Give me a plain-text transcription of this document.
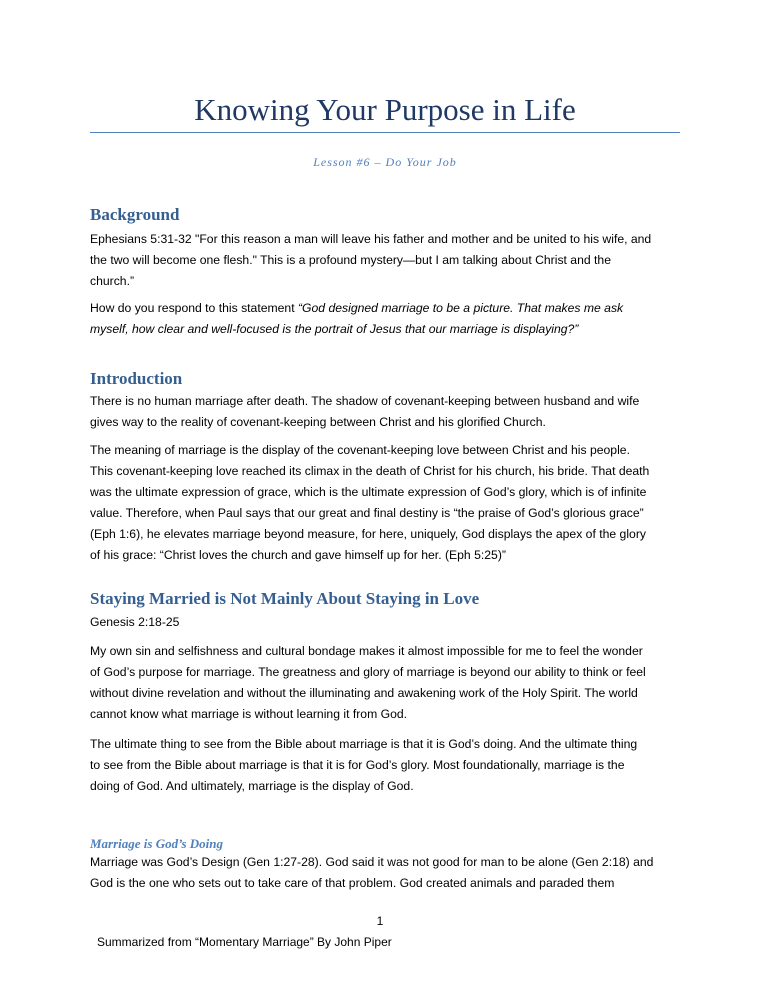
Knowing Your Purpose in Life
Lesson #6 – Do Your Job
Background
Ephesians 5:31-32 "For this reason a man will leave his father and mother and be united to his wife, and
the two will become one flesh." This is a profound mystery—but I am talking about Christ and the
church.”
How do you respond to this statement “God designed marriage to be a picture. That makes me ask
myself, how clear and well-focused is the portrait of Jesus that our marriage is displaying?”
Introduction
There is no human marriage after death. The shadow of covenant-keeping between husband and wife
gives way to the reality of covenant-keeping between Christ and his glorified Church.
The meaning of marriage is the display of the covenant-keeping love between Christ and his people.
This covenant-keeping love reached its climax in the death of Christ for his church, his bride. That death
was the ultimate expression of grace, which is the ultimate expression of God’s glory, which is of infinite
value. Therefore, when Paul says that our great and final destiny is “the praise of God’s glorious grace”
(Eph 1:6), he elevates marriage beyond measure, for here, uniquely, God displays the apex of the glory
of his grace: “Christ loves the church and gave himself up for her. (Eph 5:25)”
Staying Married is Not Mainly About Staying in Love
Genesis 2:18-25
My own sin and selfishness and cultural bondage makes it almost impossible for me to feel the wonder
of God’s purpose for marriage. The greatness and glory of marriage is beyond our ability to think or feel
without divine revelation and without the illuminating and awakening work of the Holy Spirit. The world
cannot know what marriage is without learning it from God.
The ultimate thing to see from the Bible about marriage is that it is God’s doing. And the ultimate thing
to see from the Bible about marriage is that it is for God’s glory. Most foundationally, marriage is the
doing of God. And ultimately, marriage is the display of God.
Marriage is God’s Doing
Marriage was God’s Design (Gen 1:27-28). God said it was not good for man to be alone (Gen 2:18) and
God is the one who sets out to take care of that problem. God created animals and paraded them
1
Summarized from “Momentary Marriage” By John Piper
